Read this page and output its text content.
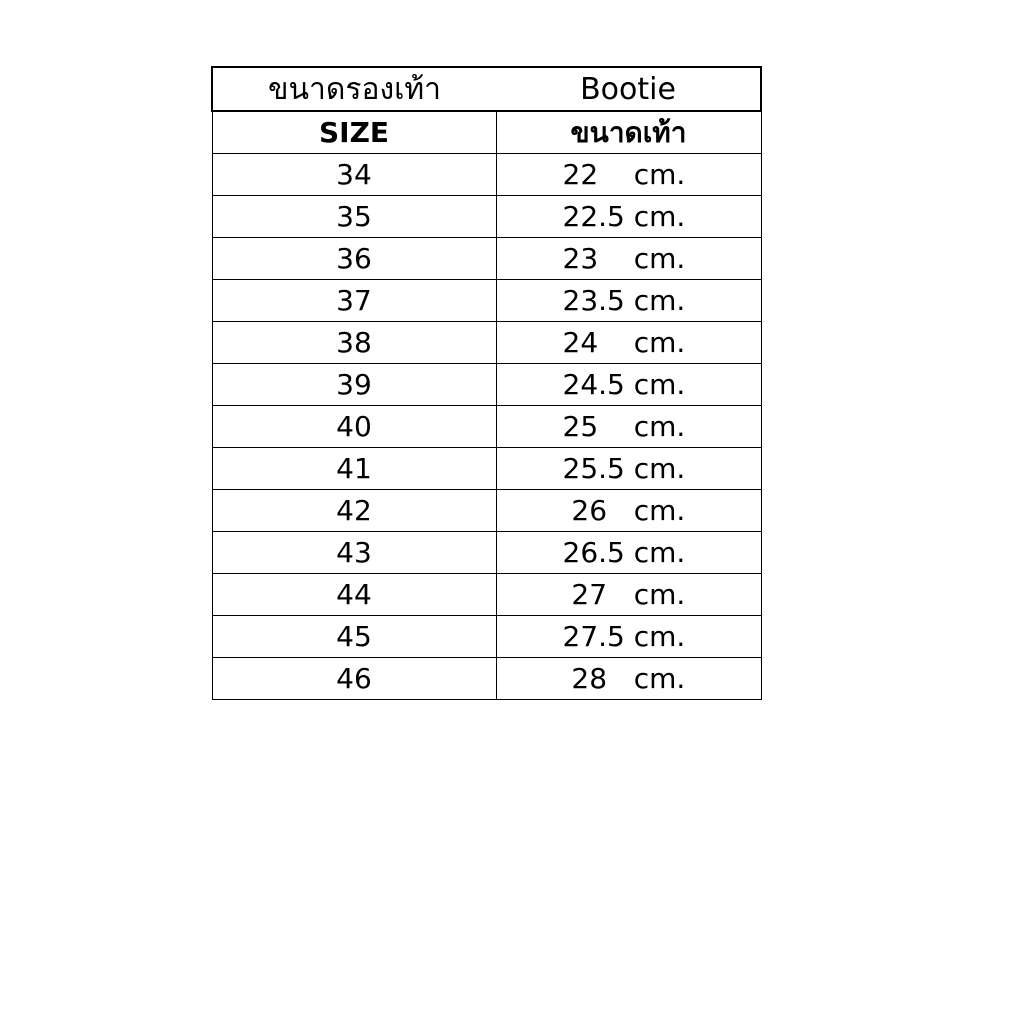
ขนาดรองเท้า	Bootie
SIZE	ขนาดเท้า
34	22    cm.
35	22.5 cm.
36	23    cm.
37	23.5 cm.
38	24    cm.
39	24.5 cm.
40	25    cm.
41	25.5 cm.
42	26   cm.
43	26.5 cm.
44	27   cm.
45	27.5 cm.
46	28   cm.
